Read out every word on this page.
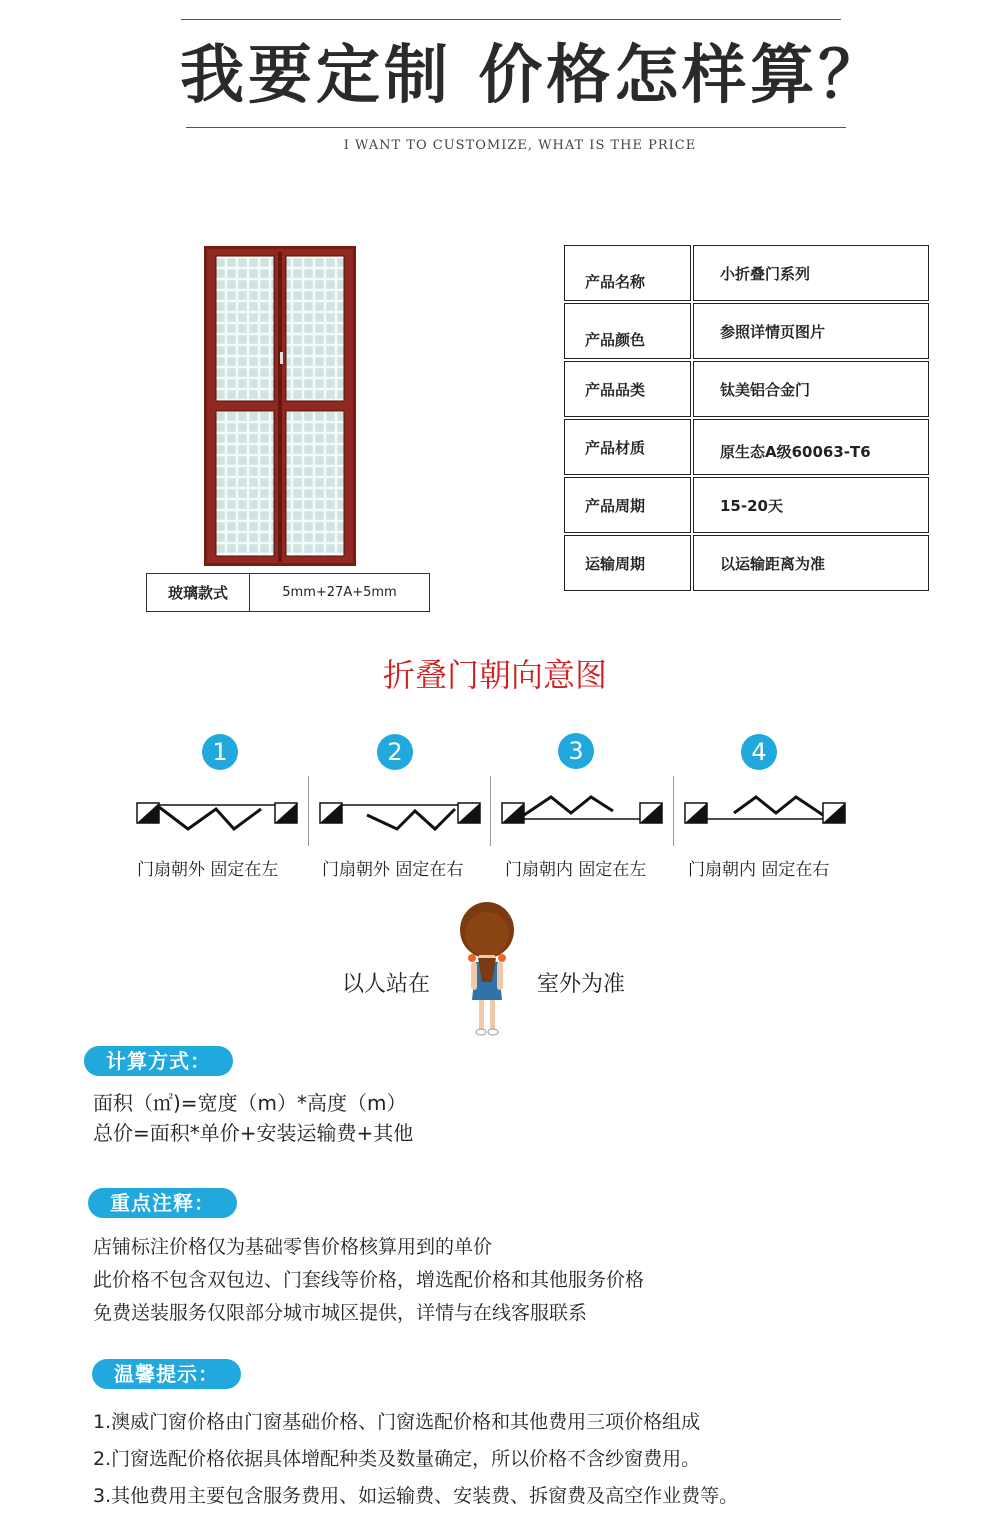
我要定制 价格怎样算？
I WANT TO CUSTOMIZE, WHAT IS THE PRICE
玻璃款式	5mm+27A+5mm
产品名称	小折叠门系列
产品颜色	参照详情页图片
产品品类	钛美铝合金门
产品材质	原生态A级60063-T6
产品周期	15-20天
运输周期	以运输距离为准
折叠门朝向意图
1	2	3	4
门扇朝外 固定在左	门扇朝外 固定在右 门扇朝内 固定在左 门扇朝内 固定在右
以人站在	室外为准
计算方式：
面积（㎡)=宽度（m）*高度（m）
总价=面积*单价+安装运输费+其他
重点注释：
店铺标注价格仅为基础零售价格核算用到的单价
此价格不包含双包边、门套线等价格，增选配价格和其他服务价格
免费送装服务仅限部分城市城区提供，详情与在线客服联系
温馨提示：
1.澳威门窗价格由门窗基础价格、门窗选配价格和其他费用三项价格组成
2.门窗选配价格依据具体增配种类及数量确定，所以价格不含纱窗费用。
3.其他费用主要包含服务费用、如运输费、安装费、拆窗费及高空作业费等。
